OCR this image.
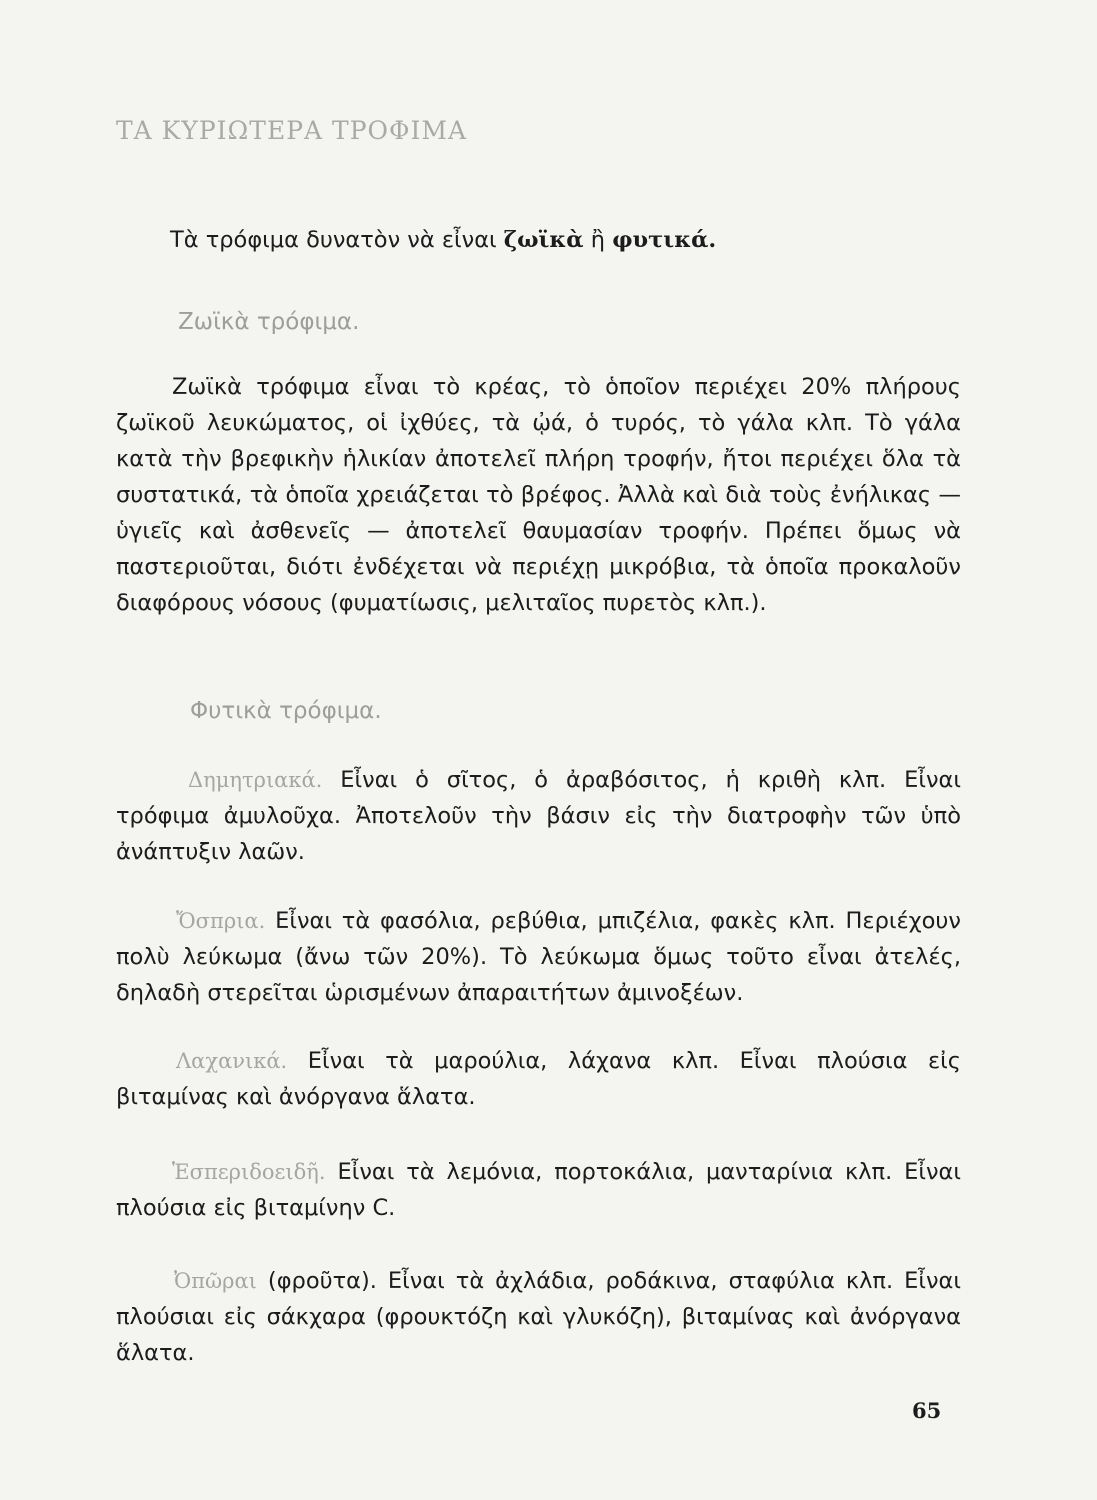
ΤΑ ΚΥΡΙΩΤΕΡΑ ΤΡΟΦΙΜΑ

Τὰ τρόφιμα δυνατὸν νὰ εἶναι ζωϊκὰ ἢ φυτικά.

Ζωϊκὰ τρόφιμα.

Ζωϊκὰ τρόφιμα εἶναι τὸ κρέας, τὸ ὁποῖον περιέχει 20% πλήρους ζωϊκοῦ λευκώματος, οἱ ἰχθύες, τὰ ᾠά, ὁ τυρός, τὸ γάλα κλπ. Τὸ γάλα κατὰ τὴν βρεφικὴν ἡλικίαν ἀποτελεῖ πλήρη τροφήν, ἤτοι περιέχει ὅλα τὰ συστατικά, τὰ ὁποῖα χρειάζεται τὸ βρέφος. Ἀλλὰ καὶ διὰ τοὺς ἐνήλικας — ὑγιεῖς καὶ ἀσθενεῖς — ἀποτελεῖ θαυμασίαν τροφήν. Πρέπει ὅμως νὰ παστεριοῦται, διότι ἐνδέχεται νὰ περιέχῃ μικρόβια, τὰ ὁποῖα προκαλοῦν διαφόρους νόσους (φυματίωσις, μελιταῖος πυρετὸς κλπ.).

Φυτικὰ τρόφιμα.

Δημητριακά. Εἶναι ὁ σῖτος, ὁ ἀραβόσιτος, ἡ κριθὴ κλπ. Εἶναι τρόφιμα ἀμυλοῦχα. Ἀποτελοῦν τὴν βάσιν εἰς τὴν διατροφὴν τῶν ὑπὸ ἀνάπτυξιν λαῶν.

Ὄσπρια. Εἶναι τὰ φασόλια, ρεβύθια, μπιζέλια, φακὲς κλπ. Περιέχουν πολὺ λεύκωμα (ἄνω τῶν 20%). Τὸ λεύκωμα ὅμως τοῦτο εἶναι ἀτελές, δηλαδὴ στερεῖται ὡρισμένων ἀπαραιτήτων ἀμινοξέων.

Λαχανικά. Εἶναι τὰ μαρούλια, λάχανα κλπ. Εἶναι πλούσια εἰς βιταμίνας καὶ ἀνόργανα ἅλατα.

Ἑσπεριδοειδῆ. Εἶναι τὰ λεμόνια, πορτοκάλια, μανταρίνια κλπ. Εἶναι πλούσια εἰς βιταμίνην C.

Ὀπῶραι (φροῦτα). Εἶναι τὰ ἀχλάδια, ροδάκινα, σταφύλια κλπ. Εἶναι πλούσιαι εἰς σάκχαρα (φρουκτόζη καὶ γλυκόζη), βιταμίνας καὶ ἀνόργανα ἅλατα.

65
